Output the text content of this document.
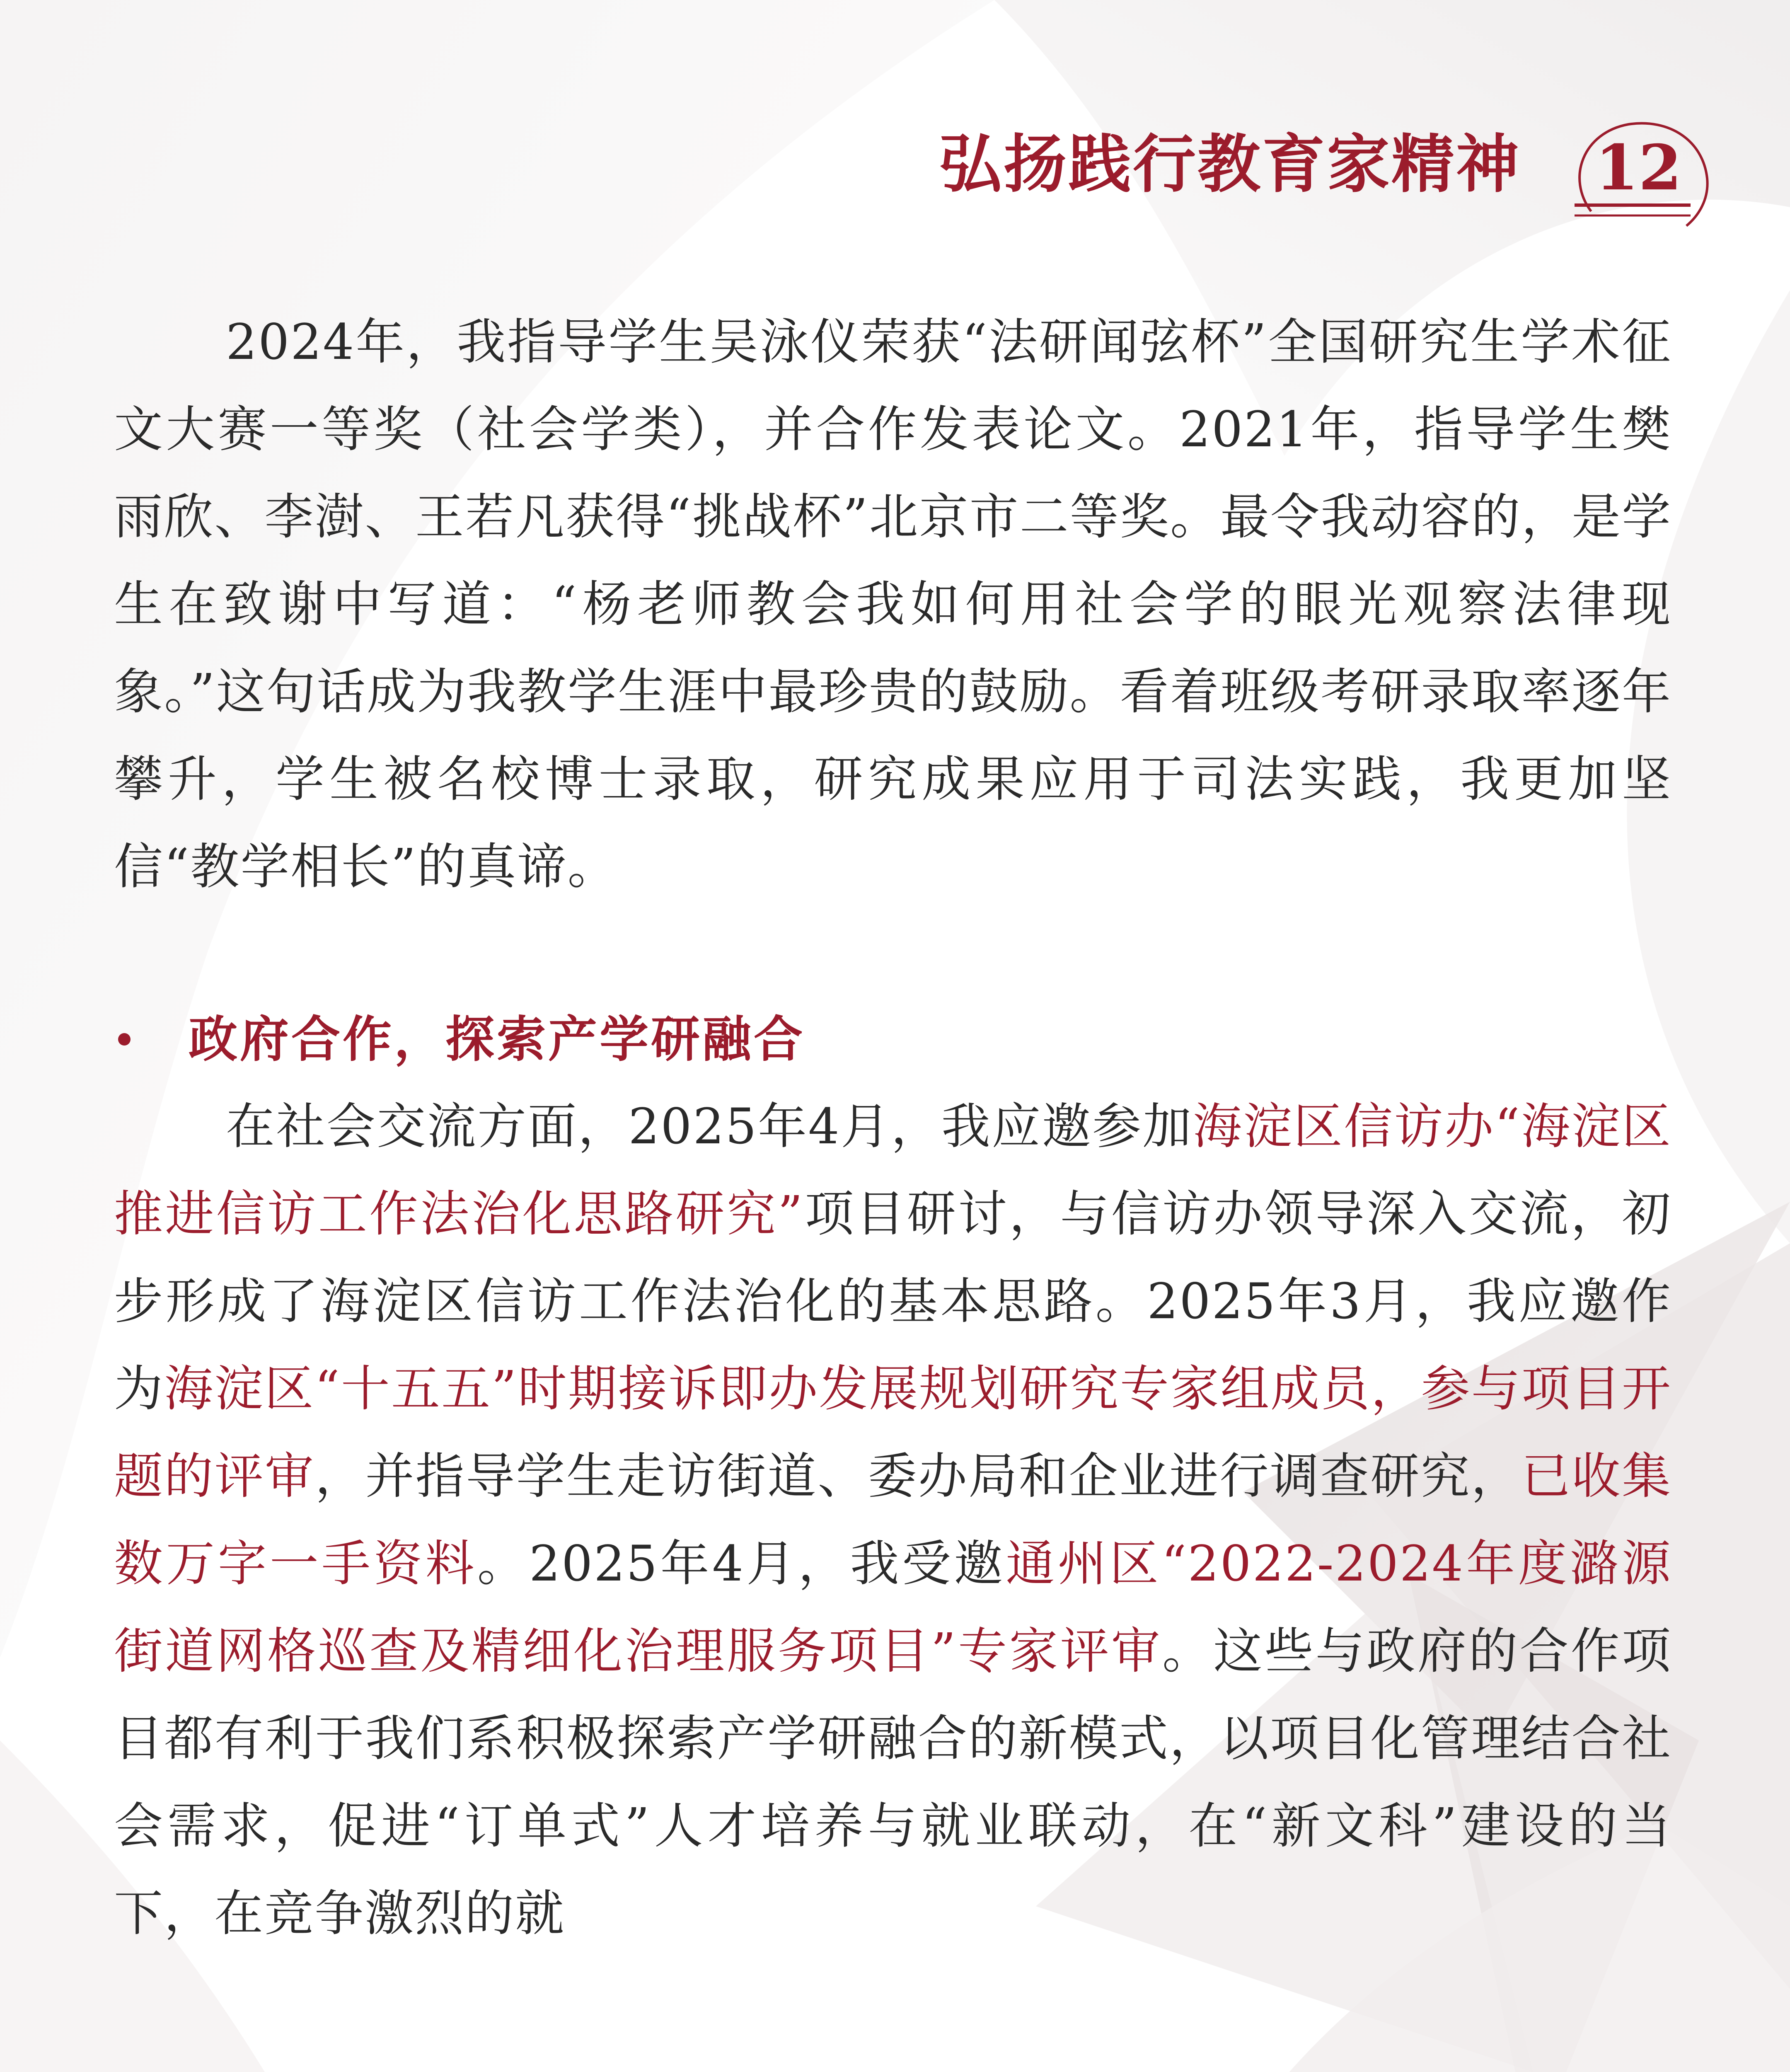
弘扬践行教育家精神 12

2024年，我指导学生吴泳仪荣获“法研闻弦杯”全国研究生学术征文大赛一等奖（社会学类），并合作发表论文。2021年，指导学生樊雨欣、李澍、王若凡获得“挑战杯”北京市二等奖。最令我动容的，是学生在致谢中写道：“杨老师教会我如何用社会学的眼光观察法律现象。”这句话成为我教学生涯中最珍贵的鼓励。看着班级考研录取率逐年攀升，学生被名校博士录取，研究成果应用于司法实践，我更加坚信“教学相长”的真谛。

政府合作，探索产学研融合

在社会交流方面，2025年4月，我应邀参加海淀区信访办“海淀区推进信访工作法治化思路研究”项目研讨，与信访办领导深入交流，初步形成了海淀区信访工作法治化的基本思路。2025年3月，我应邀作为海淀区“十五五”时期接诉即办发展规划研究专家组成员，参与项目开题的评审，并指导学生走访街道、委办局和企业进行调查研究，已收集数万字一手资料。2025年4月，我受邀通州区“2022-2024年度潞源街道网格巡查及精细化治理服务项目”专家评审。这些与政府的合作项目都有利于我们系积极探索产学研融合的新模式，以项目化管理结合社会需求，促进“订单式”人才培养与就业联动，在“新文科”建设的当下，在竞争激烈的就
